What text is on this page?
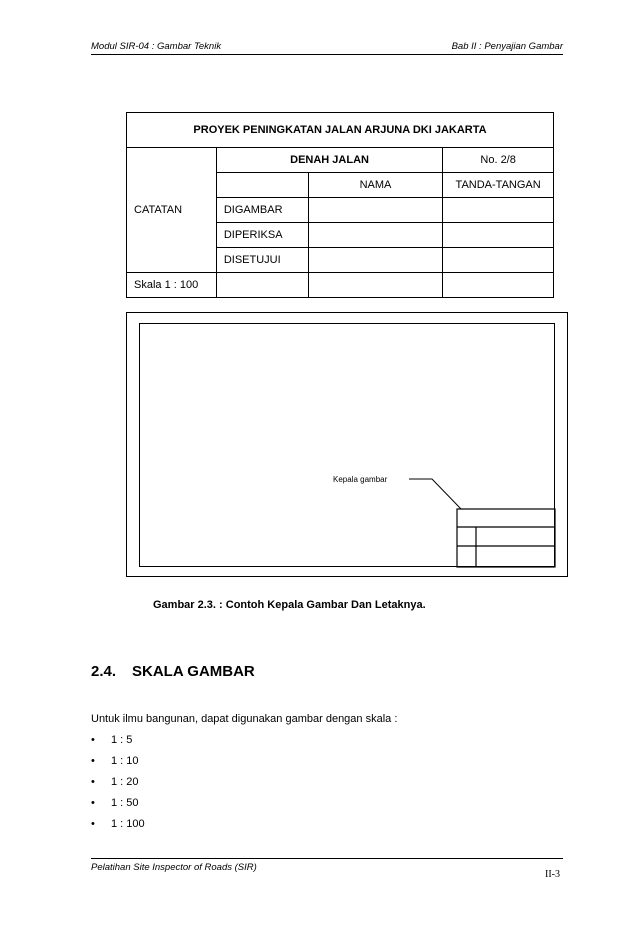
Modul SIR-04 : Gambar Teknik	Bab II : Penyajian Gambar
PROYEK PENINGKATAN JALAN ARJUNA DKI JAKARTA			
CATATAN	DENAH JALAN		No. 2/8
		NAMA	TANDA-TANGAN
	DIGAMBAR		
	DIPERIKSA		
	DISETUJUI		
Skala 1 : 100			
Kepala gambar
Gambar 2.3. : Contoh Kepala Gambar Dan Letaknya.
2.4. SKALA GAMBAR
Untuk ilmu bangunan, dapat digunakan gambar dengan skala :
• 1 : 5
• 1 : 10
• 1 : 20
• 1 : 50
• 1 : 100
Pelatihan Site Inspector of Roads (SIR)
II-3
